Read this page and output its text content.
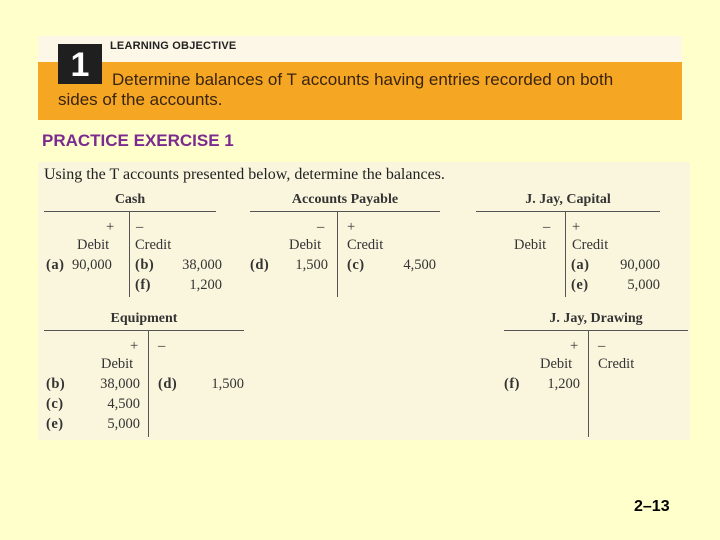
1	LEARNING OBJECTIVE
Determine balances of T accounts having entries recorded on both
sides of the accounts.
PRACTICE EXERCISE 1
Using the T accounts presented below, determine the balances.
Cash
+
Debit
(a) 90,000
–
Credit
(b)	38,000
(f)	1,200
Accounts Payable
–
Debit
(d)	1,500
+
Credit
(c)	4,500
J. Jay, Capital
–
Debit
+
Credit
(a)	90,000
(e)	5,000
Equipment
+
Debit
(b)	38,000
(c)	4,500
(e)	5,000
–
(d)	1,500
J. Jay, Drawing
+
Debit
(f)	1,200
–
Credit
2–13
